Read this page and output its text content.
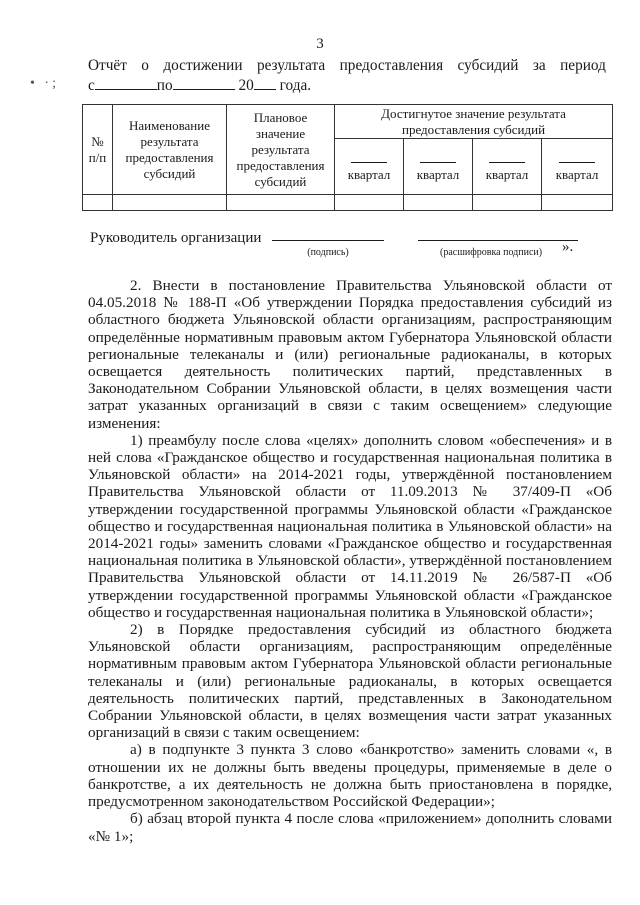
3
• ·;
Отчёт о достижении результата предоставления субсидий за период
с	по	20 года.
№ п/п	Наименование результата предоставления субсидий	Плановое значение результата предоставления субсидий	Достигнутое значение результата предоставления субсидий			

квартал	квартал	квартал	квартал

Руководитель организации
(подпись)	(расшифровка подписи) ».

2. Внести в постановление Правительства Ульяновской области от 04.05.2018 № 188-П «Об утверждении Порядка предоставления субсидий из областного бюджета Ульяновской области организациям, распространяющим определённые нормативным правовым актом Губернатора Ульяновской области региональные телеканалы и (или) региональные радиоканалы, в которых освещается деятельность политических партий, представленных в Законодательном Собрании Ульяновской области, в целях возмещения части затрат указанных организаций в связи с таким освещением» следующие изменения:

1) преамбулу после слова «целях» дополнить словом «обеспечения» и в ней слова «Гражданское общество и государственная национальная политика в Ульяновской области» на 2014-2021 годы, утверждённой постановлением Правительства Ульяновской области от 11.09.2013 № 37/409-П «Об утверждении государственной программы Ульяновской области «Гражданское общество и государственная национальная политика в Ульяновской области» на 2014-2021 годы» заменить словами «Гражданское общество и государственная национальная политика в Ульяновской области», утверждённой постановлением Правительства Ульяновской области от 14.11.2019 № 26/587-П «Об утверждении государственной программы Ульяновской области «Гражданское общество и государственная национальная политика в Ульяновской области»;

2) в Порядке предоставления субсидий из областного бюджета Ульяновской области организациям, распространяющим определённые нормативным правовым актом Губернатора Ульяновской области региональные телеканалы и (или) региональные радиоканалы, в которых освещается деятельность политических партий, представленных в Законодательном Собрании Ульяновской области, в целях возмещения части затрат указанных организаций в связи с таким освещением:

а) в подпункте 3 пункта 3 слово «банкротство» заменить словами «, в отношении их не должны быть введены процедуры, применяемые в деле о банкротстве, а их деятельность не должна быть приостановлена в порядке, предусмотренном законодательством Российской Федерации»;

б) абзац второй пункта 4 после слова «приложением» дополнить словами «№ 1»;
